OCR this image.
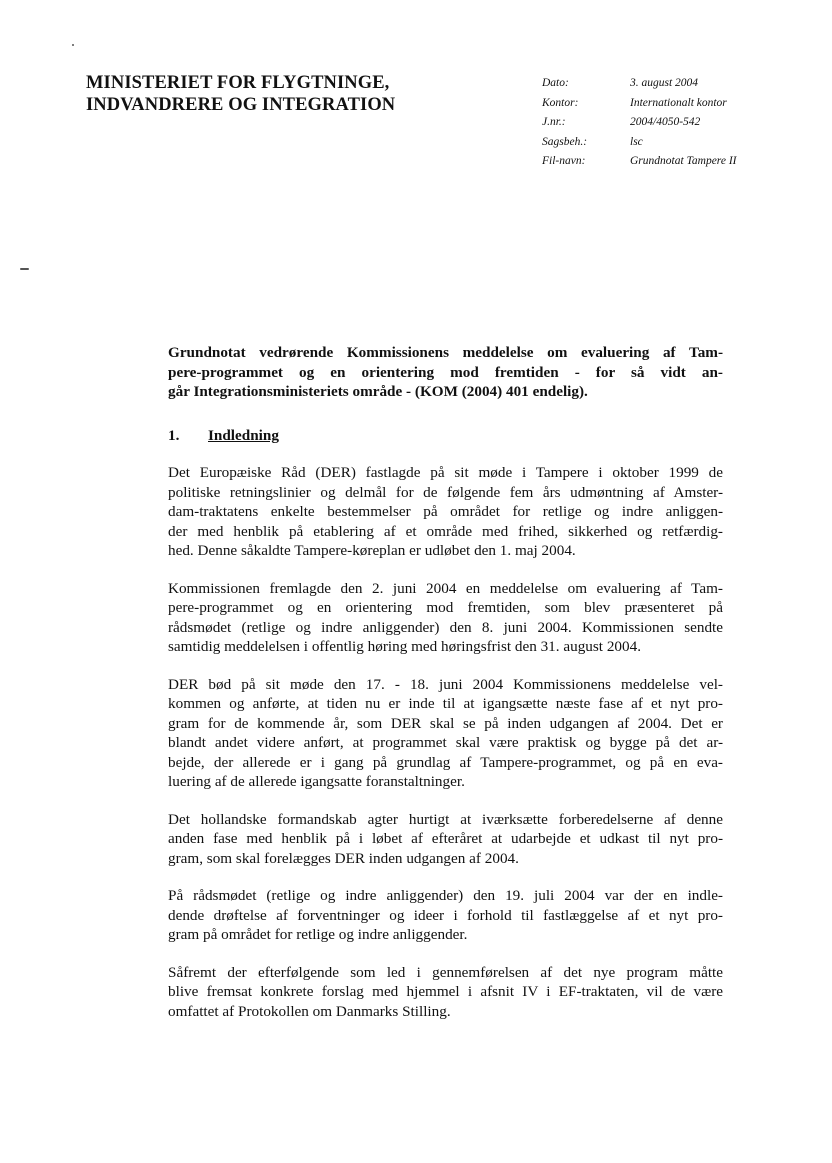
MINISTERIET FOR FLYGTNINGE,
INDVANDRERE OG INTEGRATION
Dato:	3. august 2004
Kontor:	Internationalt kontor
J.nr.:	2004/4050-542
Sagsbeh.:	lsc
Fil-navn:	Grundnotat Tampere II
Grundnotat vedrørende Kommissionens meddelelse om evaluering af Tam-
pere-programmet og en orientering mod fremtiden - for så vidt an-
går Integrationsministeriets område - (KOM (2004) 401 endelig).
1.	Indledning
Det Europæiske Råd (DER) fastlagde på sit møde i Tampere i oktober 1999 de
politiske retningslinier og delmål for de følgende fem års udmøntning af Amster-
dam-traktatens enkelte bestemmelser på området for retlige og indre anliggen-
der med henblik på etablering af et område med frihed, sikkerhed og retfærdig-
hed. Denne såkaldte Tampere-køreplan er udløbet den 1. maj 2004.
Kommissionen fremlagde den 2. juni 2004 en meddelelse om evaluering af Tam-
pere-programmet og en orientering mod fremtiden, som blev præsenteret på
rådsmødet (retlige og indre anliggender) den 8. juni 2004. Kommissionen sendte
samtidig meddelelsen i offentlig høring med høringsfrist den 31. august 2004.
DER bød på sit møde den 17. - 18. juni 2004 Kommissionens meddelelse vel-
kommen og anførte, at tiden nu er inde til at igangsætte næste fase af et nyt pro-
gram for de kommende år, som DER skal se på inden udgangen af 2004. Det er
blandt andet videre anført, at programmet skal være praktisk og bygge på det ar-
bejde, der allerede er i gang på grundlag af Tampere-programmet, og på en eva-
luering af de allerede igangsatte foranstaltninger.
Det hollandske formandskab agter hurtigt at iværksætte forberedelserne af denne
anden fase med henblik på i løbet af efteråret at udarbejde et udkast til nyt pro-
gram, som skal forelægges DER inden udgangen af 2004.
På rådsmødet (retlige og indre anliggender) den 19. juli 2004 var der en indle-
dende drøftelse af forventninger og ideer i forhold til fastlæggelse af et nyt pro-
gram på området for retlige og indre anliggender.
Såfremt der efterfølgende som led i gennemførelsen af det nye program måtte
blive fremsat konkrete forslag med hjemmel i afsnit IV i EF-traktaten, vil de være
omfattet af Protokollen om Danmarks Stilling.
